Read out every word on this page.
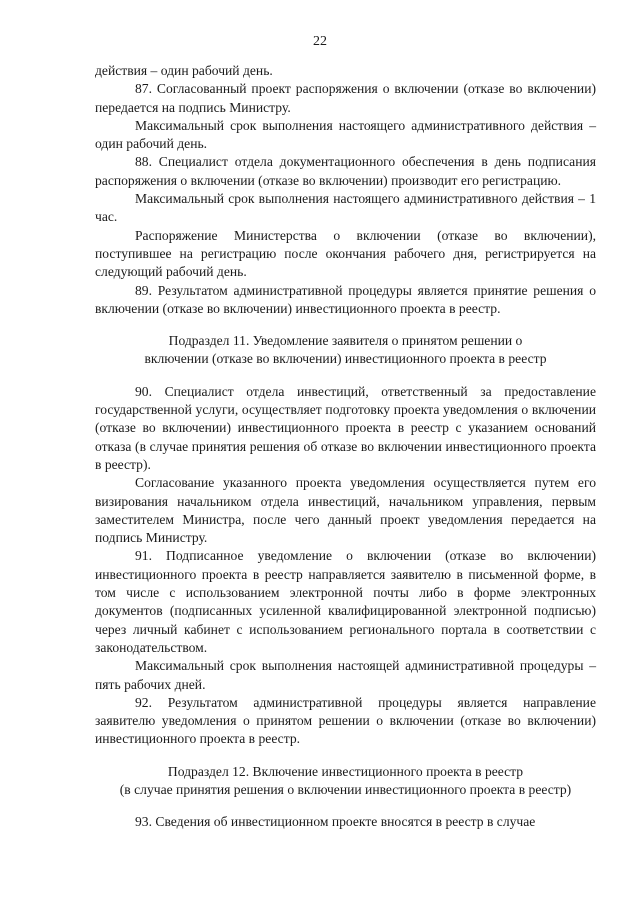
22

действия – один рабочий день.

87. Согласованный проект распоряжения о включении (отказе во включении) передается на подпись Министру.

Максимальный срок выполнения настоящего административного действия – один рабочий день.

88. Специалист отдела документационного обеспечения в день подписания распоряжения о включении (отказе во включении) производит его регистрацию.

Максимальный срок выполнения настоящего административного действия – 1 час.

Распоряжение Министерства о включении (отказе во включении), поступившее на регистрацию после окончания рабочего дня, регистрируется на следующий рабочий день.

89. Результатом административной процедуры является принятие решения о включении (отказе во включении) инвестиционного проекта в реестр.

Подраздел 11. Уведомление заявителя о принятом решении о
включении (отказе во включении) инвестиционного проекта в реестр

90. Специалист отдела инвестиций, ответственный за предоставление государственной услуги, осуществляет подготовку проекта уведомления о включении (отказе во включении) инвестиционного проекта в реестр с указанием оснований отказа (в случае принятия решения об отказе во включении инвестиционного проекта в реестр).

Согласование указанного проекта уведомления осуществляется путем его визирования начальником отдела инвестиций, начальником управления, первым заместителем Министра, после чего данный проект уведомления передается на подпись Министру.

91. Подписанное уведомление о включении (отказе во включении) инвестиционного проекта в реестр направляется заявителю в письменной форме, в том числе с использованием электронной почты либо в форме электронных документов (подписанных усиленной квалифицированной электронной подписью) через личный кабинет с использованием регионального портала в соответствии с законодательством.

Максимальный срок выполнения настоящей административной процедуры – пять рабочих дней.

92. Результатом административной процедуры является направление заявителю уведомления о принятом решении о включении (отказе во включении) инвестиционного проекта в реестр.

Подраздел 12. Включение инвестиционного проекта в реестр
(в случае принятия решения о включении инвестиционного проекта в реестр)

93. Сведения об инвестиционном проекте вносятся в реестр в случае
